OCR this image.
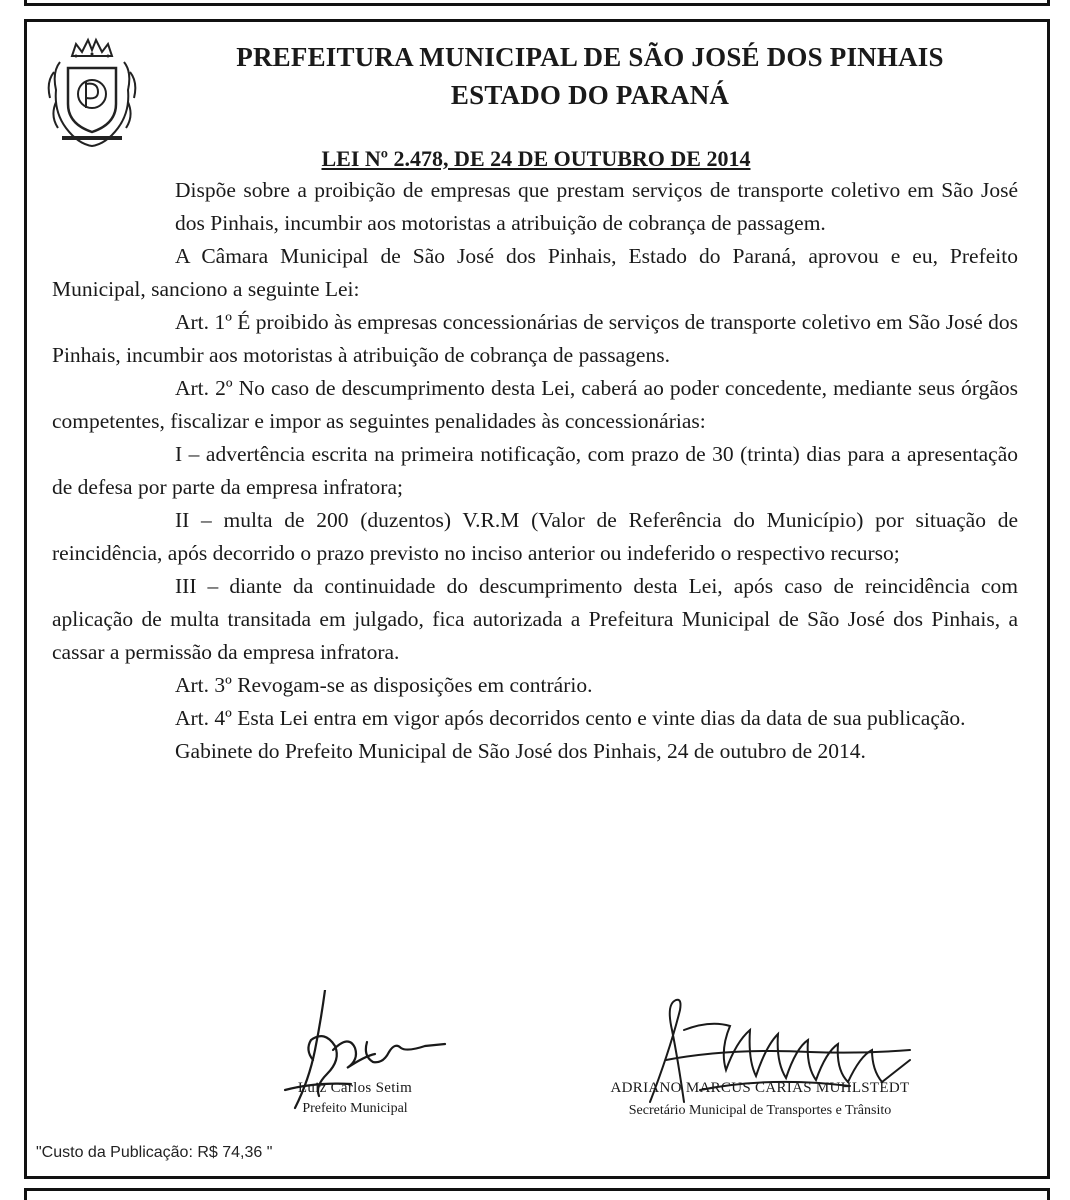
PREFEITURA MUNICIPAL DE SÃO JOSÉ DOS PINHAIS
ESTADO DO PARANÁ
LEI Nº 2.478, DE 24 DE OUTUBRO DE 2014

Dispõe sobre a proibição de empresas que prestam serviços de transporte coletivo em São José dos Pinhais, incumbir aos motoristas a atribuição de cobrança de passagem.

A Câmara Municipal de São José dos Pinhais, Estado do Paraná, aprovou e eu, Prefeito Municipal, sanciono a seguinte Lei:

Art. 1º É proibido às empresas concessionárias de serviços de transporte coletivo em São José dos Pinhais, incumbir aos motoristas à atribuição de cobrança de passagens.

Art. 2º No caso de descumprimento desta Lei, caberá ao poder concedente, mediante seus órgãos competentes, fiscalizar e impor as seguintes penalidades às concessionárias:

I – advertência escrita na primeira notificação, com prazo de 30 (trinta) dias para a apresentação de defesa por parte da empresa infratora;

II – multa de 200 (duzentos) V.R.M (Valor de Referência do Município) por situação de reincidência, após decorrido o prazo previsto no inciso anterior ou indeferido o respectivo recurso;

III – diante da continuidade do descumprimento desta Lei, após caso de reincidência com aplicação de multa transitada em julgado, fica autorizada a Prefeitura Municipal de São José dos Pinhais, a cassar a permissão da empresa infratora.

Art. 3º Revogam-se as disposições em contrário.

Art. 4º Esta Lei entra em vigor após decorridos cento e vinte dias da data de sua publicação.

Gabinete do Prefeito Municipal de São José dos Pinhais, 24 de outubro de 2014.

Luiz Carlos Setim
Prefeito Municipal
ADRIANO MARCUS CARIAS MUHLSTEDT
Secretário Municipal de Transportes e Trânsito
"Custo da Publicação: R$ 74,36 "
